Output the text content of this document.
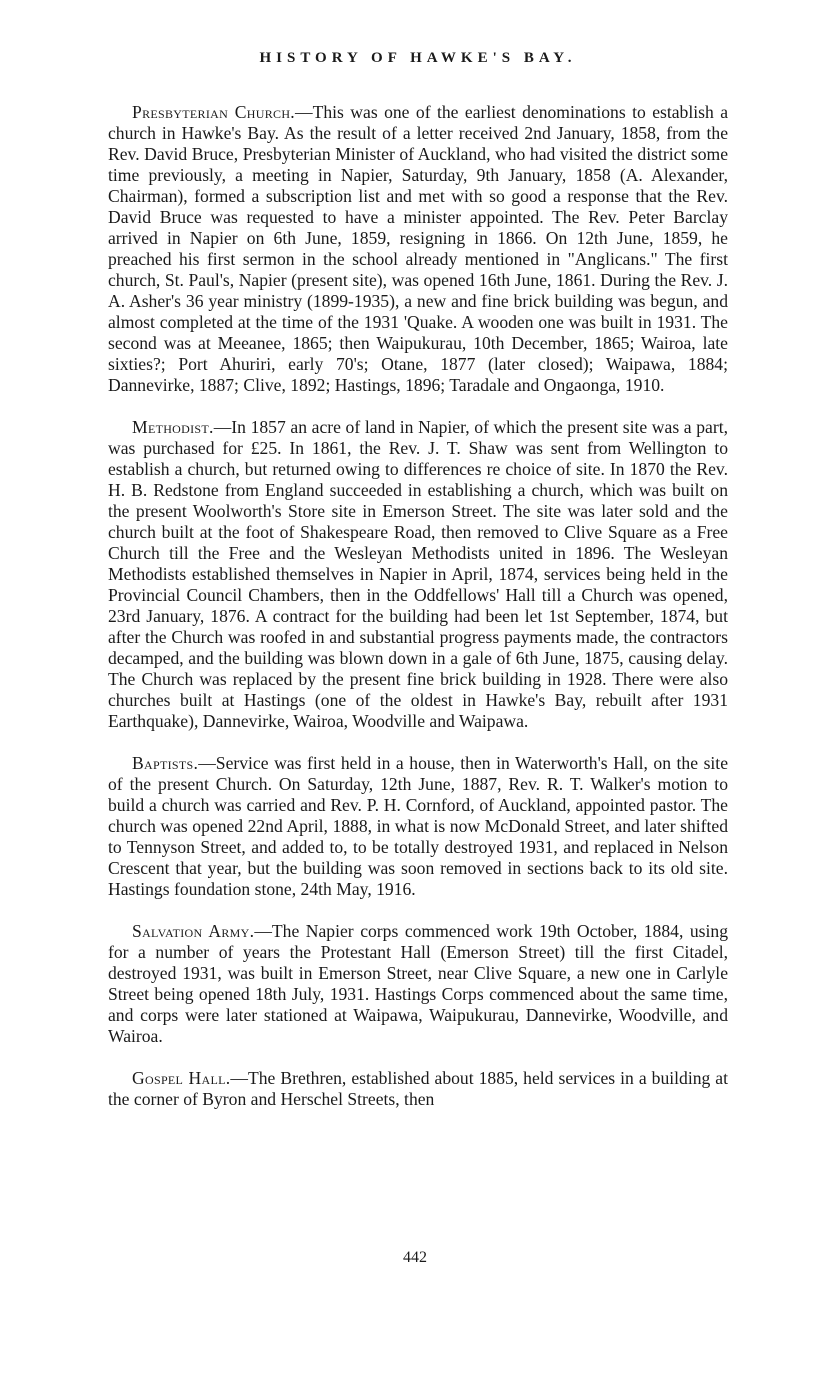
HISTORY OF HAWKE'S BAY.

Presbyterian Church.—This was one of the earliest denominations to establish a church in Hawke's Bay. As the result of a letter received 2nd January, 1858, from the Rev. David Bruce, Presbyterian Minister of Auckland, who had visited the district some time previously, a meeting in Napier, Saturday, 9th January, 1858 (A. Alexander, Chairman), formed a subscription list and met with so good a response that the Rev. David Bruce was requested to have a minister appointed. The Rev. Peter Barclay arrived in Napier on 6th June, 1859, resigning in 1866. On 12th June, 1859, he preached his first sermon in the school already mentioned in "Anglicans." The first church, St. Paul's, Napier (present site), was opened 16th June, 1861. During the Rev. J. A. Asher's 36 year ministry (1899-1935), a new and fine brick building was begun, and almost completed at the time of the 1931 'Quake. A wooden one was built in 1931. The second was at Meeanee, 1865; then Waipukurau, 10th December, 1865; Wairoa, late sixties?; Port Ahuriri, early 70's; Otane, 1877 (later closed); Waipawa, 1884; Dannevirke, 1887; Clive, 1892; Hastings, 1896; Taradale and Ongaonga, 1910.

Methodist.—In 1857 an acre of land in Napier, of which the present site was a part, was purchased for £25. In 1861, the Rev. J. T. Shaw was sent from Wellington to establish a church, but returned owing to differences re choice of site. In 1870 the Rev. H. B. Redstone from England succeeded in establishing a church, which was built on the present Woolworth's Store site in Emerson Street. The site was later sold and the church built at the foot of Shakespeare Road, then removed to Clive Square as a Free Church till the Free and the Wesleyan Methodists united in 1896. The Wesleyan Methodists established themselves in Napier in April, 1874, services being held in the Provincial Council Chambers, then in the Oddfellows' Hall till a Church was opened, 23rd January, 1876. A contract for the building had been let 1st September, 1874, but after the Church was roofed in and substantial progress payments made, the contractors decamped, and the building was blown down in a gale of 6th June, 1875, causing delay. The Church was replaced by the present fine brick building in 1928. There were also churches built at Hastings (one of the oldest in Hawke's Bay, rebuilt after 1931 Earthquake), Dannevirke, Wairoa, Woodville and Waipawa.

Baptists.—Service was first held in a house, then in Waterworth's Hall, on the site of the present Church. On Saturday, 12th June, 1887, Rev. R. T. Walker's motion to build a church was carried and Rev. P. H. Cornford, of Auckland, appointed pastor. The church was opened 22nd April, 1888, in what is now McDonald Street, and later shifted to Tennyson Street, and added to, to be totally destroyed 1931, and replaced in Nelson Crescent that year, but the building was soon removed in sections back to its old site. Hastings foundation stone, 24th May, 1916.

Salvation Army.—The Napier corps commenced work 19th October, 1884, using for a number of years the Protestant Hall (Emerson Street) till the first Citadel, destroyed 1931, was built in Emerson Street, near Clive Square, a new one in Carlyle Street being opened 18th July, 1931. Hastings Corps commenced about the same time, and corps were later stationed at Waipawa, Waipukurau, Dannevirke, Woodville, and Wairoa.

Gospel Hall.—The Brethren, established about 1885, held services in a building at the corner of Byron and Herschel Streets, then

442
